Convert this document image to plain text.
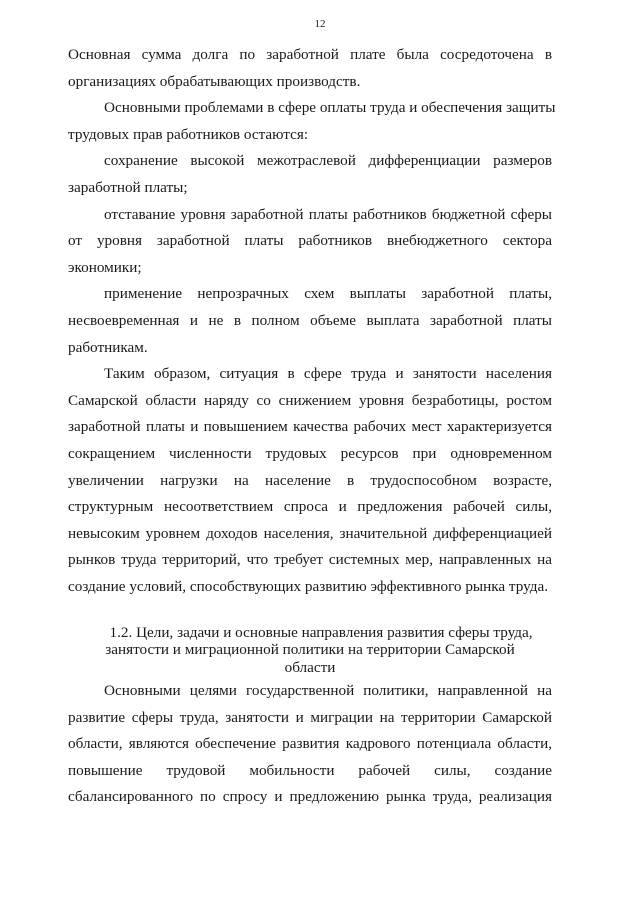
12
Основная сумма долга по заработной плате была сосредоточена в
организациях обрабатывающих производств.
Основными проблемами в сфере оплаты труда и обеспечения защиты
трудовых прав работников остаются:
сохранение высокой межотраслевой дифференциации размеров
заработной платы;
отставание уровня заработной платы работников бюджетной сферы
от уровня заработной платы работников внебюджетного сектора
экономики;
применение непрозрачных схем выплаты заработной платы,
несвоевременная и не в полном объеме выплата заработной платы
работникам.
Таким образом, ситуация в сфере труда и занятости населения
Самарской области наряду со снижением уровня безработицы, ростом
заработной платы и повышением качества рабочих мест характеризуется
сокращением численности трудовых ресурсов при одновременном
увеличении нагрузки на население в трудоспособном возрасте,
структурным несоответствием спроса и предложения рабочей силы,
невысоким уровнем доходов населения, значительной дифференциацией
рынков труда территорий, что требует системных мер, направленных на
создание условий, способствующих развитию эффективного рынка труда.
1.2. Цели, задачи и основные направления развития сферы труда,
занятости и миграционной политики на территории Самарской
области
Основными целями государственной политики, направленной на
развитие сферы труда, занятости и миграции на территории Самарской
области, являются обеспечение развития кадрового потенциала области,
повышение трудовой мобильности рабочей силы, создание
сбалансированного по спросу и предложению рынка труда, реализация
